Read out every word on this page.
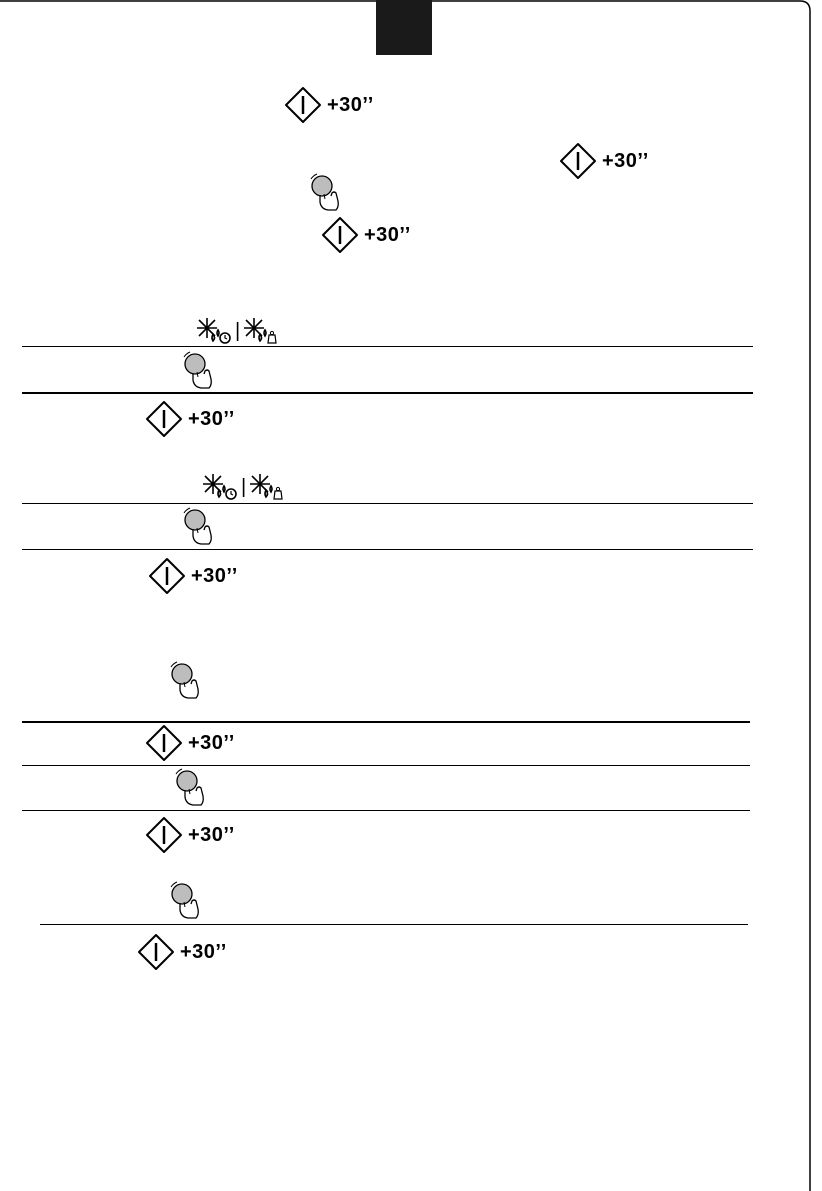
+30’’
+30’’
+30’’
+30’’
+30’’
+30’’
+30’’
+30’’
|
|
